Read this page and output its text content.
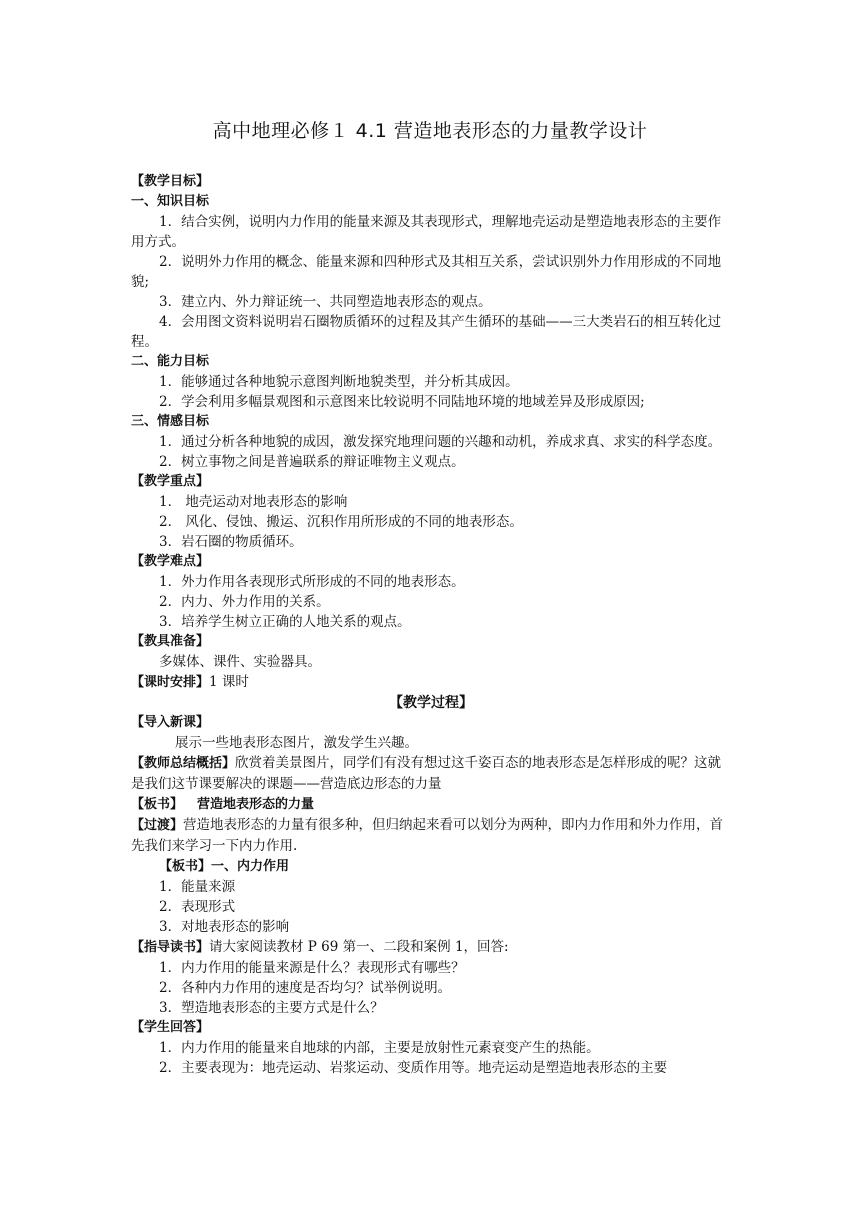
高中地理必修１ 4.1 营造地表形态的力量教学设计

【教学目标】

一、知识目标

1．结合实例，说明内力作用的能量来源及其表现形式，理解地壳运动是塑造地表形态的主要作用方式。

2．说明外力作用的概念、能量来源和四种形式及其相互关系，尝试识别外力作用形成的不同地貌;

3．建立内、外力辩证统一、共同塑造地表形态的观点。

4．会用图文资料说明岩石圈物质循环的过程及其产生循环的基础——三大类岩石的相互转化过程。

二、能力目标

1．能够通过各种地貌示意图判断地貌类型，并分析其成因。

2．学会利用多幅景观图和示意图来比较说明不同陆地环境的地域差异及形成原因;

三、情感目标

1．通过分析各种地貌的成因，激发探究地理问题的兴趣和动机，养成求真、求实的科学态度。

2．树立事物之间是普遍联系的辩证唯物主义观点。

【教学重点】

1． 地壳运动对地表形态的影响

2． 风化、侵蚀、搬运、沉积作用所形成的不同的地表形态。

3．岩石圈的物质循环。

【教学难点】

1．外力作用各表现形式所形成的不同的地表形态。

2．内力、外力作用的关系。

3．培养学生树立正确的人地关系的观点。

【教具准备】

多媒体、课件、实验器具。

【课时安排】1 课时

【教学过程】

【导入新课】

展示一些地表形态图片，激发学生兴趣。

【教师总结概括】欣赏着美景图片，同学们有没有想过这千姿百态的地表形态是怎样形成的呢？这就是我们这节课要解决的课题——营造底边形态的力量

【板书】 营造地表形态的力量

【过渡】营造地表形态的力量有很多种，但归纳起来看可以划分为两种，即内力作用和外力作用，首先我们来学习一下内力作用.

【板书】一、内力作用

1．能量来源

2．表现形式

3．对地表形态的影响

【指导读书】请大家阅读教材 P 69 第一、二段和案例 1，回答:

1．内力作用的能量来源是什么？表现形式有哪些？

2．各种内力作用的速度是否均匀？试举例说明。

3．塑造地表形态的主要方式是什么？

【学生回答】

1．内力作用的能量来自地球的内部，主要是放射性元素衰变产生的热能。

2．主要表现为：地壳运动、岩浆运动、变质作用等。地壳运动是塑造地表形态的主要
